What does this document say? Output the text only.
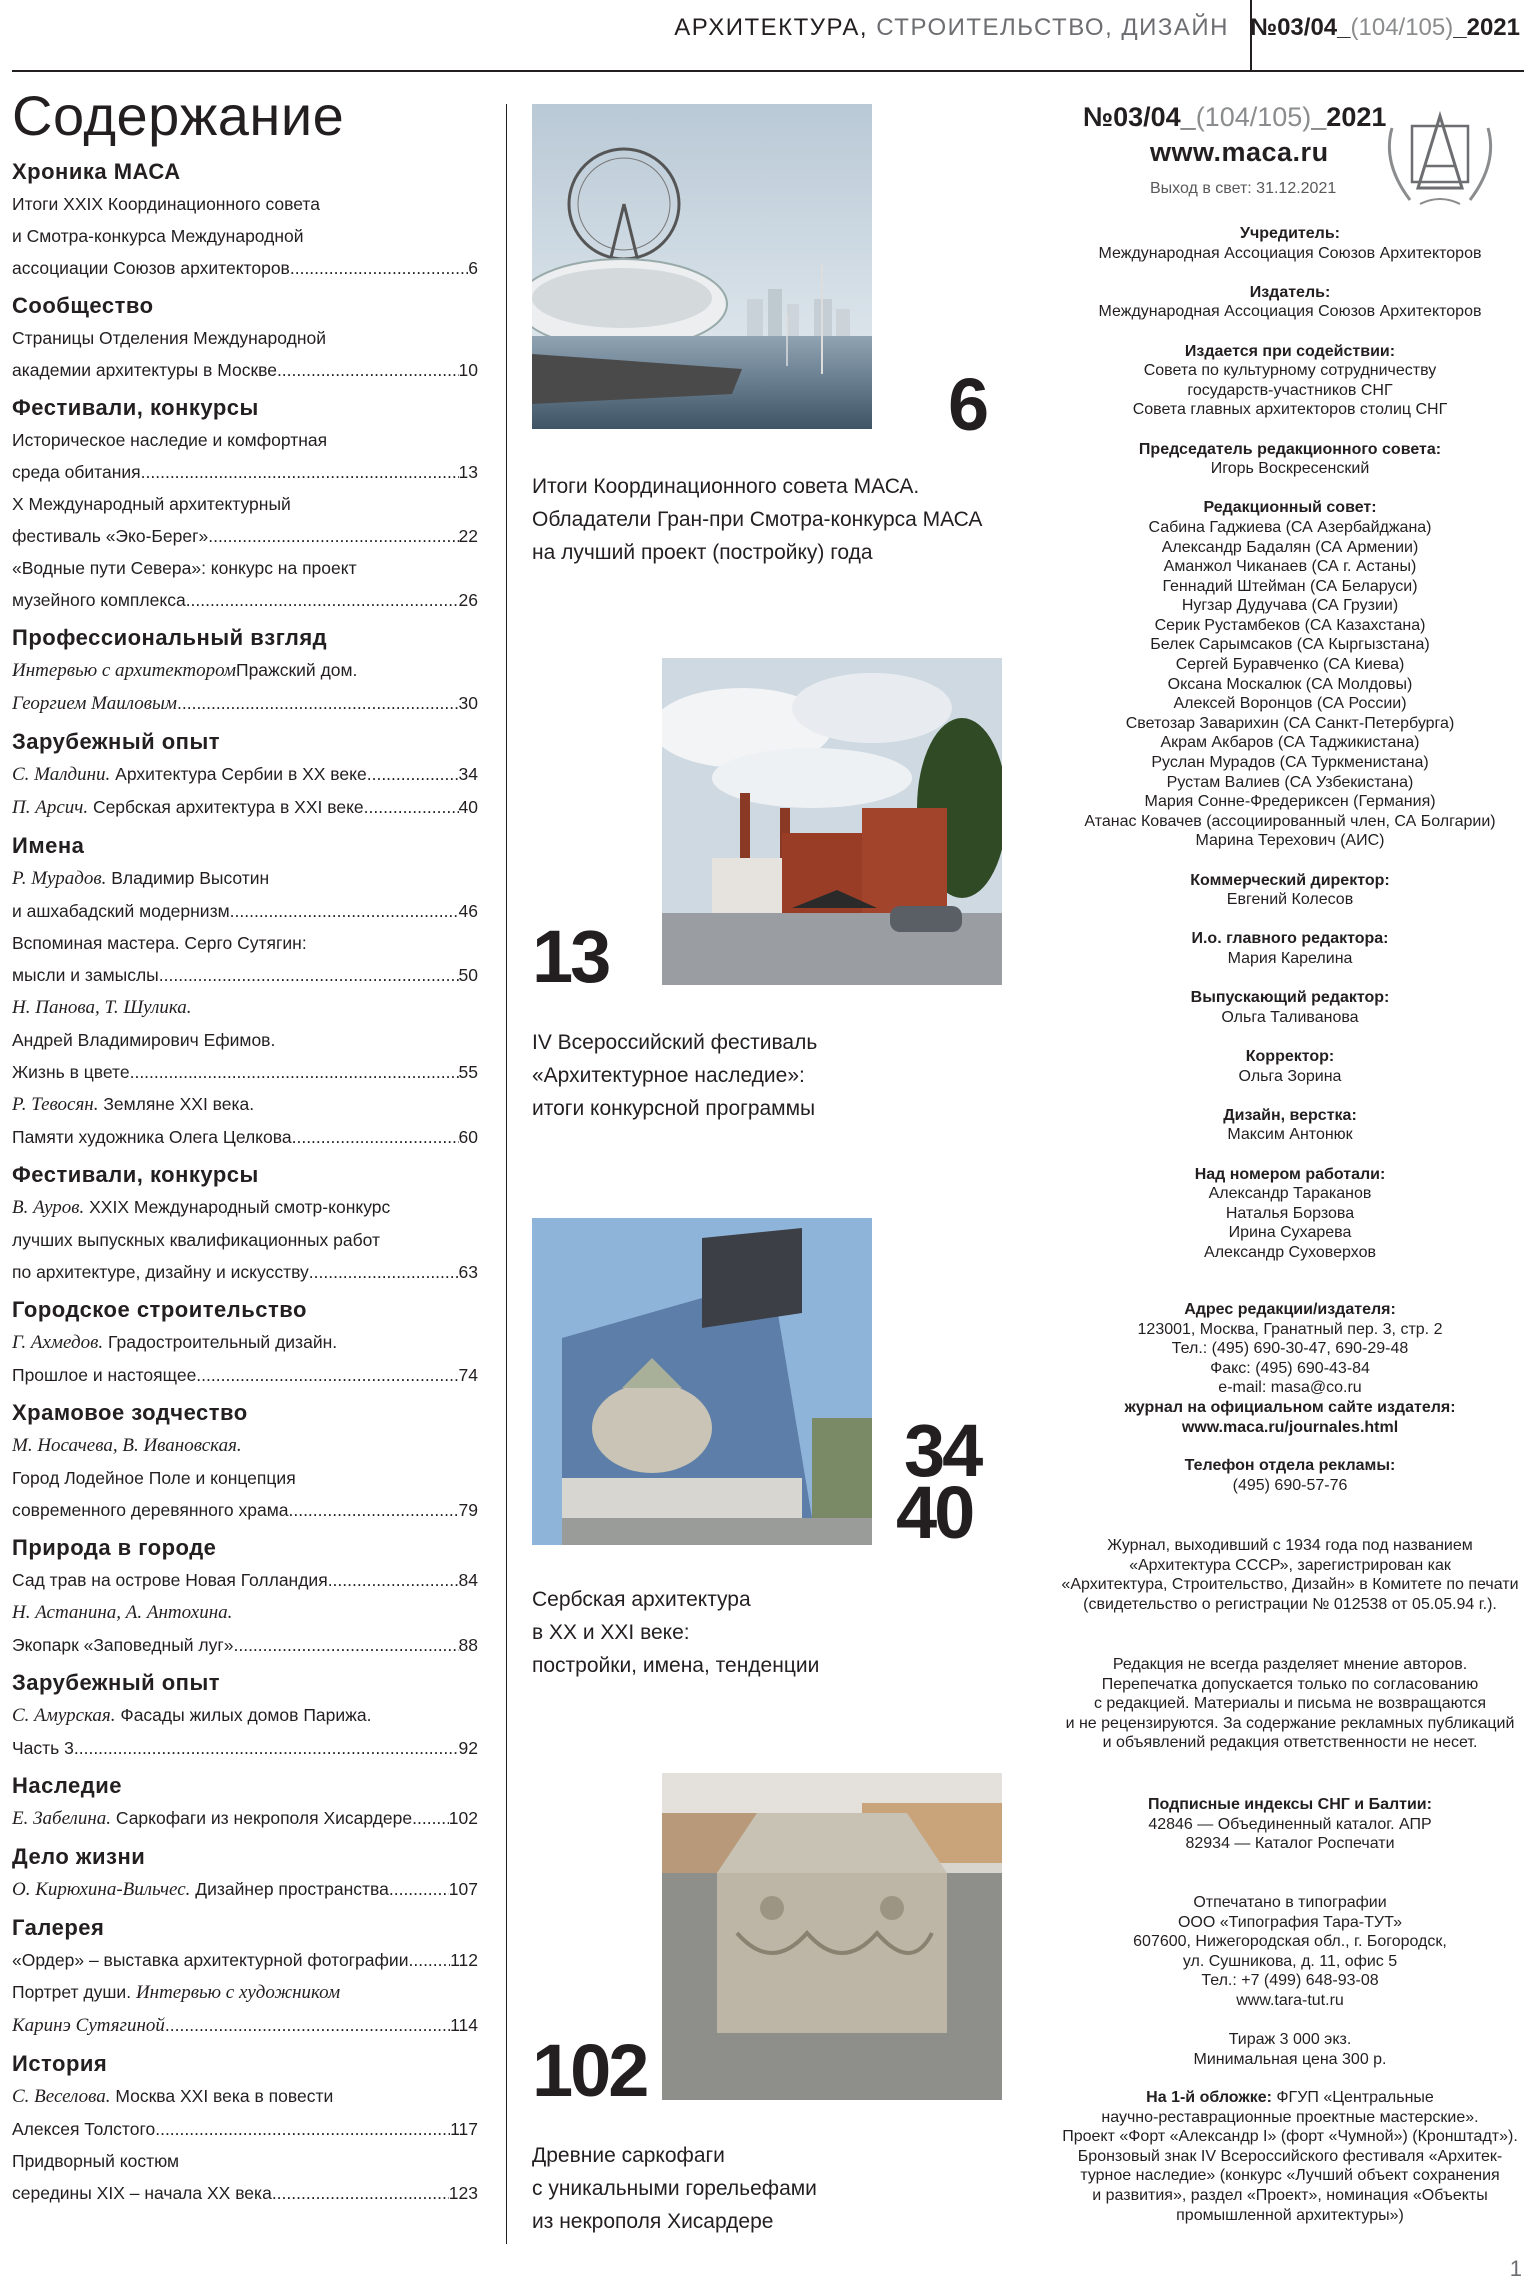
АРХИТЕКТУРА, СТРОИТЕЛЬСТВО, ДИЗАЙН №03/04_(104/105)_2021
Содержание
Хроника МАСА
Итоги XXIX Координационного совета
и Смотра-конкурса Международной
ассоциации Союзов архитекторов .....	6
Сообщество
Страницы Отделения Международной
академии архитектуры в Москве .....	10
Фестивали, конкурсы
Историческое наследие и комфортная
среда обитания .....	13
X Международный архитектурный
фестиваль «Эко-Берег» .....	22
«Водные пути Севера»: конкурс на проект
музейного комплекса .....	26
Профессиональный взгляд
Интервью с архитекторомПражский дом.
Георгием Маиловым .....	30
Зарубежный опыт
С. Малдини. Архитектура Сербии в XX веке .....	34
П. Арсич. Сербская архитектура в XXI веке .....	40
Имена
Р. Мурадов. Владимир Высотин
и ашхабадский модернизм .....	46
Вспоминая мастера. Серго Сутягин:
мысли и замыслы .....	50
Н. Панова, Т. Шулика.
Андрей Владимирович Ефимов.
Жизнь в цвете .....	55
Р. Тевосян. Земляне XXI века.
Памяти художника Олега Целкова .....	60
Фестивали, конкурсы
В. Ауров. XXIX Международный смотр-конкурс
лучших выпускных квалификационных работ
по архитектуре, дизайну и искусству .....	63
Городское строительство
Г. Ахмедов. Градостроительный дизайн.
Прошлое и настоящее .....	74
Храмовое зодчество
М. Носачева, В. Ивановская.
Город Лодейное Поле и концепция
современного деревянного храма .....	79
Природа в городе
Сад трав на острове Новая Голландия .....	84
Н. Астанина, А. Антохина.
Экопарк «Заповедный луг» .....	88
Зарубежный опыт
С. Амурская. Фасады жилых домов Парижа.
Часть 3 .....	92
Наследие
Е. Забелина. Саркофаги из некрополя Хисардере ..... 102
Дело жизни
О. Кирюхина-Вильчес. Дизайнер пространства .....	107
Галерея
«Ордер» – выставка архитектурной фотографии ..... 112
Портрет души. Интервью с художником
Каринэ Сутягиной .....	114
История
С. Веселова. Москва XXI века в повести
Алексея Толстого .....	117
Придворный костюм
середины XIX – начала XX века .....	123
6
Итоги Координационного совета МАСА.
Обладатели Гран-при Смотра-конкурса МАСА
на лучший проект (постройку) года
13
IV Всероссийский фестиваль
«Архитектурное наследие»:
итоги конкурсной программы
34
40
Сербская архитектура
в XX и XXI веке:
постройки, имена, тенденции
102
Древние саркофаги
с уникальными горельефами
из некрополя Хисардере
№03/04_(104/105)_2021
www.maca.ru
Выход в свет: 31.12.2021
Учредитель:
Международная Ассоциация Союзов Архитекторов
Издатель:
Международная Ассоциация Союзов Архитекторов
Издается при содействии:
Совета по культурному сотрудничеству
государств-участников СНГ
Совета главных архитекторов столиц СНГ
Председатель редакционного совета:
Игорь Воскресенский
Редакционный совет:
Сабина Гаджиева (СА Азербайджана)
Александр Бадалян (СА Армении)
Аманжол Чиканаев (СА г. Астаны)
Геннадий Штейман (СА Беларуси)
Нугзар Дудучава (СА Грузии)
Серик Рустамбеков (СА Казахстана)
Белек Сарымсаков (СА Кыргызстана)
Сергей Буравченко (СА Киева)
Оксана Москалюк (СА Молдовы)
Алексей Воронцов (СА России)
Светозар Заварихин (СА Санкт-Петербурга)
Акрам Акбаров (СА Таджикистана)
Руслан Мурадов (СА Туркменистана)
Рустам Валиев (СА Узбекистана)
Мария Сонне-Фредериксен (Германия)
Атанас Ковачев (ассоциированный член, СА Болгарии)
Марина Терехович (АИС)
Коммерческий директор:
Евгений Колесов
И.о. главного редактора:
Мария Карелина
Выпускающий редактор:
Ольга Таливанова
Корректор:
Ольга Зорина
Дизайн, верстка:
Максим Антонюк
Над номером работали:
Александр Тараканов
Наталья Борзова
Ирина Сухарева
Александр Суховерхов
Адрес редакции/издателя:
123001, Москва, Гранатный пер. 3, стр. 2
Тел.: (495) 690-30-47, 690-29-48
Факс: (495) 690-43-84
e-mail: masa@co.ru
журнал на официальном сайте издателя:
www.maca.ru/journales.html
Телефон отдела рекламы:
(495) 690-57-76
Журнал, выходивший с 1934 года под названием
«Архитектура СССР», зарегистрирован как
«Архитектура, Строительство, Дизайн» в Комитете по печати
(свидетельство о регистрации № 012538 от 05.05.94 г.).
Редакция не всегда разделяет мнение авторов.
Перепечатка допускается только по согласованию
с редакцией. Материалы и письма не возвращаются
и не рецензируются. За содержание рекламных публикаций
и объявлений редакция ответственности не несет.
Подписные индексы СНГ и Балтии:
42846 — Объединенный каталог. АПР
82934 — Каталог Роспечати
Отпечатано в типографии
ООО «Типография Тара-ТУТ»
607600, Нижегородская обл., г. Богородск,
ул. Сушникова, д. 11, офис 5
Тел.: +7 (499) 648-93-08
www.tara-tut.ru
Тираж 3 000 экз.
Минимальная цена 300 р.
На 1-й обложке: ФГУП «Центральные
научно-реставрационные проектные мастерские».
Проект «Форт «Александр I» (форт «Чумной») (Кронштадт»).
Бронзовый знак IV Всероссийского фестиваля «Архитек-
турное наследие» (конкурс «Лучший объект сохранения
и развития», раздел «Проект», номинация «Объекты
промышленной архитектуры»)
1
